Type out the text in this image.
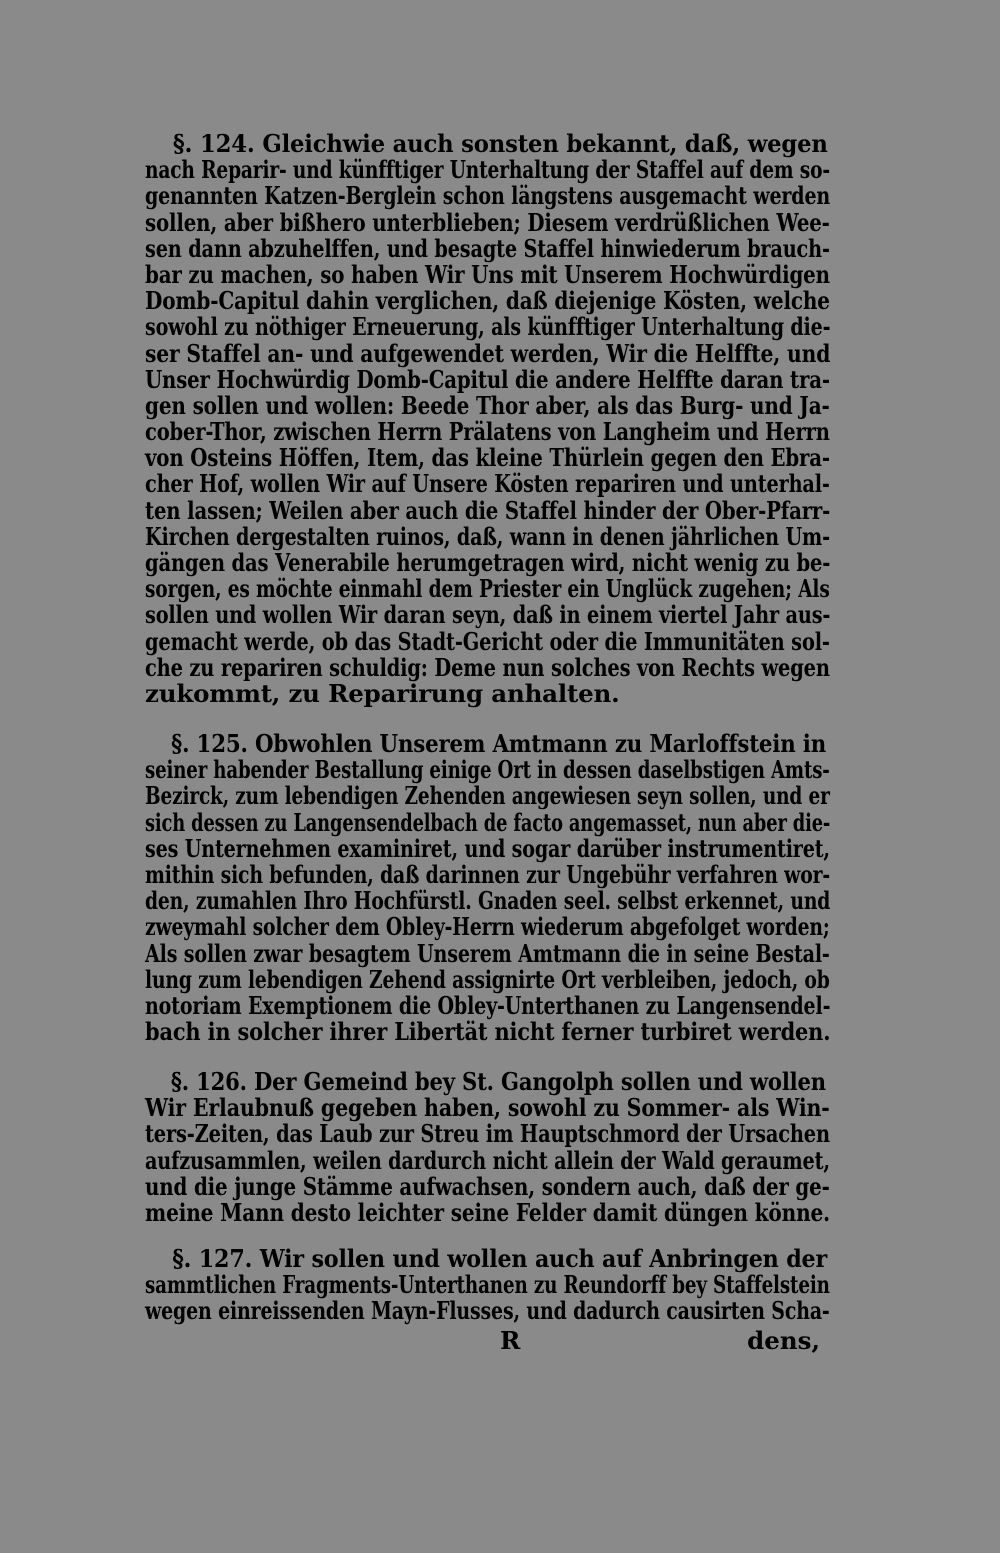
§. 124. Gleichwie auch sonsten bekannt, daß, wegen
nach Reparir- und künfftiger Unterhaltung der Staffel auf dem so-
genannten Katzen-Berglein schon längstens ausgemacht werden
sollen, aber bißhero unterblieben; Diesem verdrüßlichen Wee-
sen dann abzuhelffen, und besagte Staffel hinwiederum brauch-
bar zu machen, so haben Wir Uns mit Unserem Hochwürdigen
Domb-Capitul dahin verglichen, daß diejenige Kösten, welche
sowohl zu nöthiger Erneuerung, als künfftiger Unterhaltung die-
ser Staffel an- und aufgewendet werden, Wir die Helffte, und
Unser Hochwürdig Domb-Capitul die andere Helffte daran tra-
gen sollen und wollen: Beede Thor aber, als das Burg- und Ja-
cober-Thor, zwischen Herrn Prälatens von Langheim und Herrn
von Osteins Höffen, Item, das kleine Thürlein gegen den Ebra-
cher Hof, wollen Wir auf Unsere Kösten repariren und unterhal-
ten lassen; Weilen aber auch die Staffel hinder der Ober-Pfarr-
Kirchen dergestalten ruinos, daß, wann in denen jährlichen Um-
gängen das Venerabile herumgetragen wird, nicht wenig zu be-
sorgen, es möchte einmahl dem Priester ein Unglück zugehen; Als
sollen und wollen Wir daran seyn, daß in einem viertel Jahr aus-
gemacht werde, ob das Stadt-Gericht oder die Immunitäten sol-
che zu repariren schuldig: Deme nun solches von Rechts wegen
zukommt, zu Reparirung anhalten.
§. 125. Obwohlen Unserem Amtmann zu Marloffstein in
seiner habender Bestallung einige Ort in dessen daselbstigen Amts-
Bezirck, zum lebendigen Zehenden angewiesen seyn sollen, und er
sich dessen zu Langensendelbach de facto angemasset, nun aber die-
ses Unternehmen examiniret, und sogar darüber instrumentiret,
mithin sich befunden, daß darinnen zur Ungebühr verfahren wor-
den, zumahlen Ihro Hochfürstl. Gnaden seel. selbst erkennet, und
zweymahl solcher dem Obley-Herrn wiederum abgefolget worden;
Als sollen zwar besagtem Unserem Amtmann die in seine Bestal-
lung zum lebendigen Zehend assignirte Ort verbleiben, jedoch, ob
notoriam Exemptionem die Obley-Unterthanen zu Langensendel-
bach in solcher ihrer Libertät nicht ferner turbiret werden.
§. 126. Der Gemeind bey St. Gangolph sollen und wollen
Wir Erlaubnuß gegeben haben, sowohl zu Sommer- als Win-
ters-Zeiten, das Laub zur Streu im Hauptschmord der Ursachen
aufzusammlen, weilen dardurch nicht allein der Wald geraumet,
und die junge Stämme aufwachsen, sondern auch, daß der ge-
meine Mann desto leichter seine Felder damit düngen könne.
§. 127. Wir sollen und wollen auch auf Anbringen der
sammtlichen Fragments-Unterthanen zu Reundorff bey Staffelstein
wegen einreissenden Mayn-Flusses, und dadurch causirten Scha-
R	dens,
